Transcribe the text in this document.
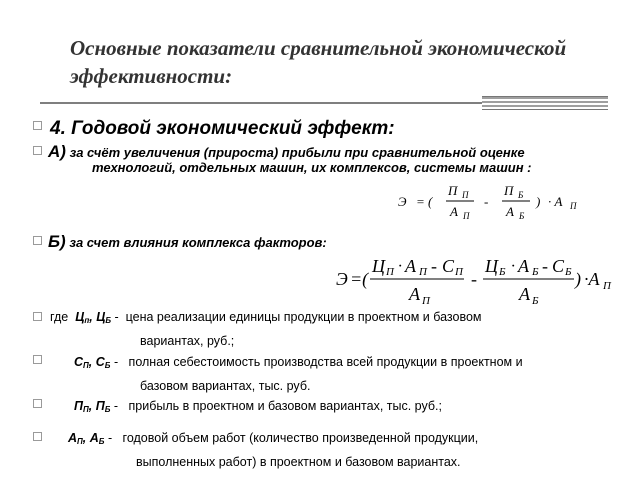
Основные показатели сравнительной экономической эффективности:
4. Годовой экономический эффект:
А) за счёт увеличения (прироста) прибыли при сравнительной оценке
технологий, отдельных машин, их комплексов, системы машин :
Э = (
П П
А П
-
П Б
А Б
) · А П
Б) за счет влияния комплекса факторов:
Э =(
Ц П · А П - С П
А П
-
Ц Б · А Б - С Б
А Б
) ·А П
где $Ц_п$, $Ц_Б$ - цена реализации единицы продукции в проектном и базовом
вариантах, руб.;
$С_П$, $С_Б$ - полная себестоимость производства всей продукции в проектном и
базовом вариантах, тыс. руб.
$П_П$, $П_Б$ - прибыль в проектном и базовом вариантах, тыс. руб.;
$А_П$, $А_Б$ - годовой объем работ (количество произведенной продукции,
выполненных работ) в проектном и базовом вариантах.
